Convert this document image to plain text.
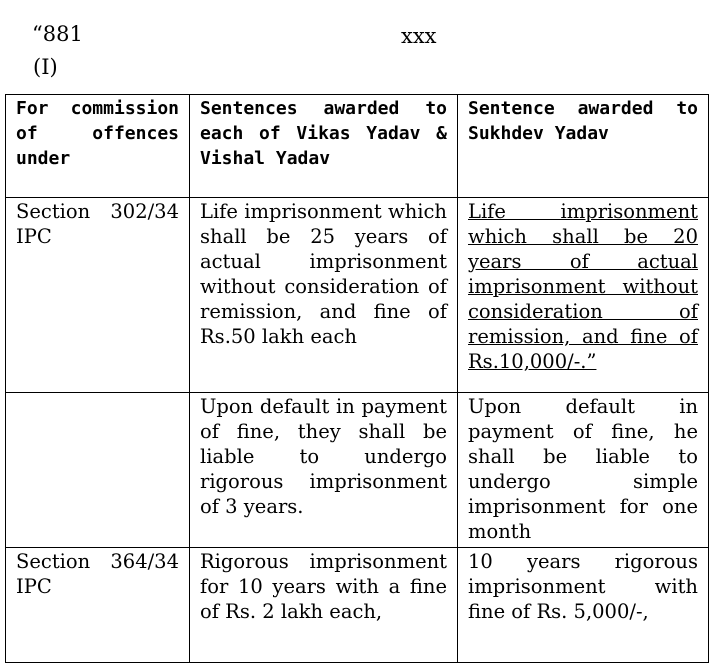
“881	xxx
(I)
For commission of offences under	Sentences awarded to each of Vikas Yadav & Vishal Yadav	Sentence awarded to Sukhdev Yadav
Section 302/34 IPC	Life imprisonment which shall be 25 years of actual imprisonment without consideration of remission, and fine of Rs.50 lakh each	Life imprisonment which shall be 20 years of actual imprisonment without consideration of remission, and fine of Rs.10,000/-.”
	Upon default in payment of fine, they shall be liable to undergo rigorous imprisonment of 3 years.	Upon default in payment of fine, he shall be liable to undergo simple imprisonment for one month
Section 364/34 IPC	Rigorous imprisonment for 10 years with a fine of Rs. 2 lakh each,	10 years rigorous imprisonment with fine of Rs. 5,000/-,
